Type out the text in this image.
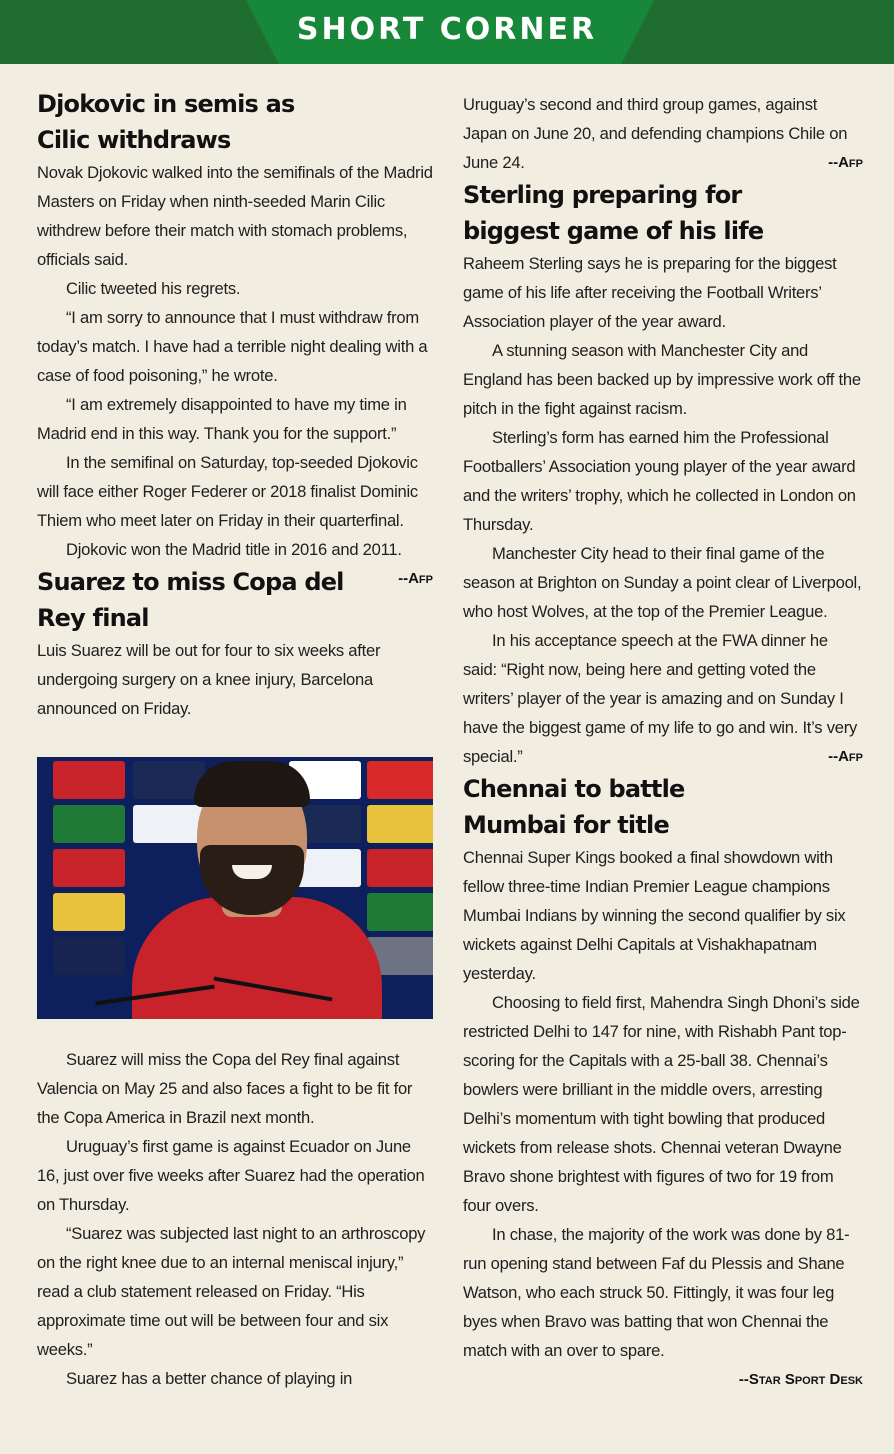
SHORT CORNER
Djokovic in semis as
Cilic withdraws

Novak Djokovic walked into the semifinals of the Madrid Masters on Friday when ninth-seeded Marin Cilic withdrew before their match with stomach problems, officials said.

Cilic tweeted his regrets.

“I am sorry to announce that I must withdraw from today’s match. I have had a terrible night dealing with a case of food poisoning,” he wrote.

“I am extremely disappointed to have my time in Madrid end in this way. Thank you for the support.”

In the semifinal on Saturday, top-seeded Djokovic will face either Roger Federer or 2018 finalist Dominic Thiem who meet later on Friday in their quarterfinal.

Djokovic won the Madrid title in 2016 and 2011.
--Afp

Suarez to miss Copa del Rey final

Luis Suarez will be out for four to six weeks after undergoing surgery on a knee injury, Barcelona announced on Friday.

Suarez will miss the Copa del Rey final against Valencia on May 25 and also faces a fight to be fit for the Copa America in Brazil next month.

Uruguay’s first game is against Ecuador on June 16, just over five weeks after Suarez had the operation on Thursday.

“Suarez was subjected last night to an arthroscopy on the right knee due to an internal meniscal injury,” read a club statement released on Friday. “His approximate time out will be between four and six weeks.”

Suarez has a better chance of playing in

Uruguay’s second and third group games, against Japan on June 20, and defending champions Chile on June 24.	--Afp

Sterling preparing for
biggest game of his life

Raheem Sterling says he is preparing for the biggest game of his life after receiving the Football Writers’ Association player of the year award.

A stunning season with Manchester City and England has been backed up by impressive work off the pitch in the fight against racism.

Sterling’s form has earned him the Professional Footballers’ Association young player of the year award and the writers’ trophy, which he collected in London on Thursday.

Manchester City head to their final game of the season at Brighton on Sunday a point clear of Liverpool, who host Wolves, at the top of the Premier League.

In his acceptance speech at the FWA dinner he said: “Right now, being here and getting voted the writers’ player of the year is amazing and on Sunday I have the biggest game of my life to go and win. It’s very special.”	--Afp

Chennai to battle
Mumbai for title

Chennai Super Kings booked a final showdown with fellow three-time Indian Premier League champions Mumbai Indians by winning the second qualifier by six wickets against Delhi Capitals at Vishakhapatnam yesterday.

Choosing to field first, Mahendra Singh Dhoni’s side restricted Delhi to 147 for nine, with Rishabh Pant top-scoring for the Capitals with a 25-ball 38. Chennai’s bowlers were brilliant in the middle overs, arresting Delhi’s momentum with tight bowling that produced wickets from release shots. Chennai veteran Dwayne Bravo shone brightest with figures of two for 19 from four overs.

In chase, the majority of the work was done by 81-run opening stand between Faf du Plessis and Shane Watson, who each struck 50. Fittingly, it was four leg byes when Bravo was batting that won Chennai the match with an over to spare.

--Star Sport Desk
